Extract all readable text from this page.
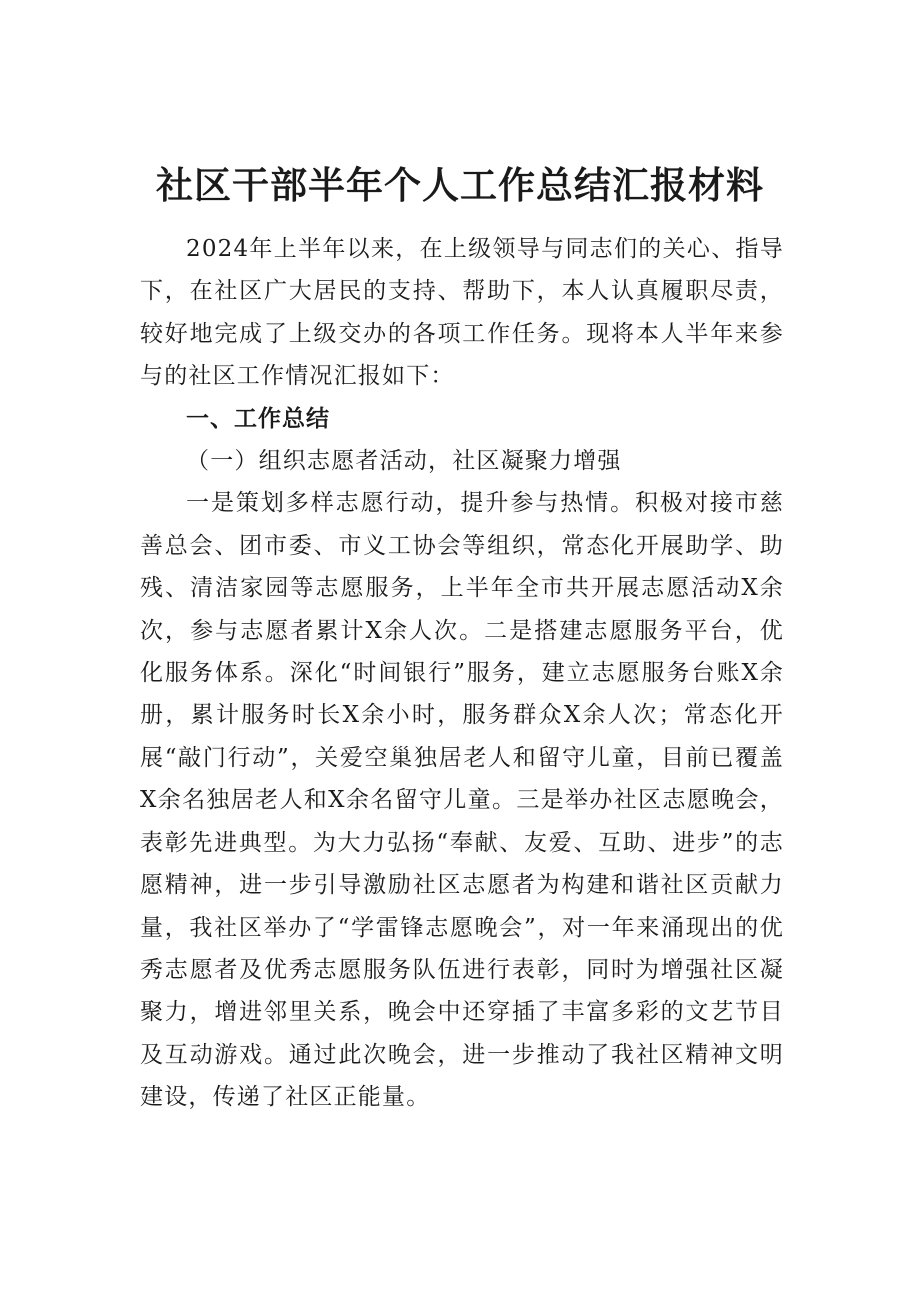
社区干部半年个人工作总结汇报材料

2024年上半年以来，在上级领导与同志们的关心、指导下，在社区广大居民的支持、帮助下，本人认真履职尽责，较好地完成了上级交办的各项工作任务。现将本人半年来参与的社区工作情况汇报如下：

一、工作总结

（一）组织志愿者活动，社区凝聚力增强

一是策划多样志愿行动，提升参与热情。积极对接市慈善总会、团市委、市义工协会等组织，常态化开展助学、助残、清洁家园等志愿服务，上半年全市共开展志愿活动X余次，参与志愿者累计X余人次。二是搭建志愿服务平台，优化服务体系。深化“时间银行”服务，建立志愿服务台账X余册，累计服务时长X余小时，服务群众X余人次；常态化开展“敲门行动”，关爱空巢独居老人和留守儿童，目前已覆盖X余名独居老人和X余名留守儿童。三是举办社区志愿晚会，表彰先进典型。为大力弘扬“奉献、友爱、互助、进步”的志愿精神，进一步引导激励社区志愿者为构建和谐社区贡献力量，我社区举办了“学雷锋志愿晚会”，对一年来涌现出的优秀志愿者及优秀志愿服务队伍进行表彰，同时为增强社区凝聚力，增进邻里关系，晚会中还穿插了丰富多彩的文艺节目及互动游戏。通过此次晚会，进一步推动了我社区精神文明建设，传递了社区正能量。
